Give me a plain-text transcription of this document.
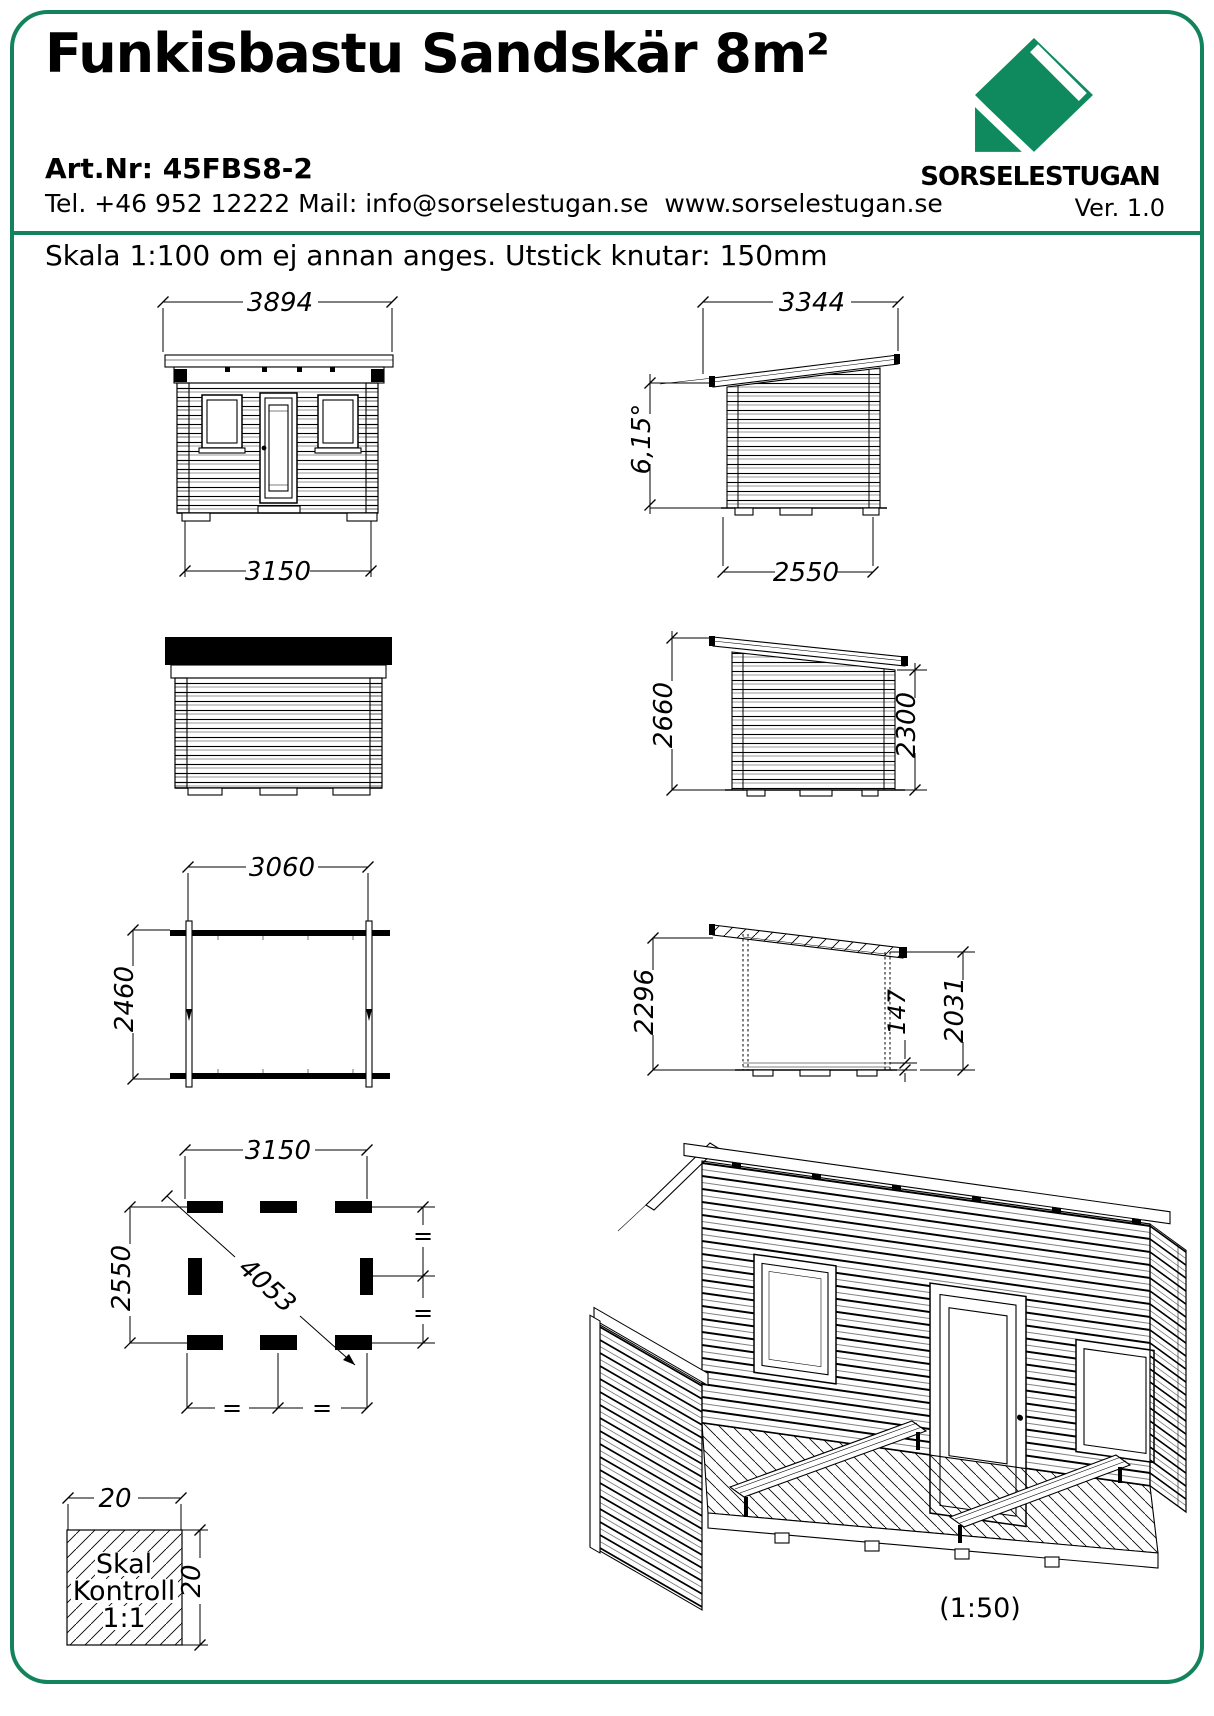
Funkisbastu Sandskär 8m²
Art.Nr: 45FBS8-2
Tel. +46 952 12222 Mail: info@sorselestugan.se  www.sorselestugan.se
SORSELESTUGAN
Ver. 1.0
Skala 1:100 om ej annan anges. Utstick knutar: 150mm
3894
3150
3344
6,15°
2550
2660	2300
3060
2460	2296	147 2031
3150
2550	4053
=
=
=	=
20
Skal
Kontroll
1:1
20
(1:50)
